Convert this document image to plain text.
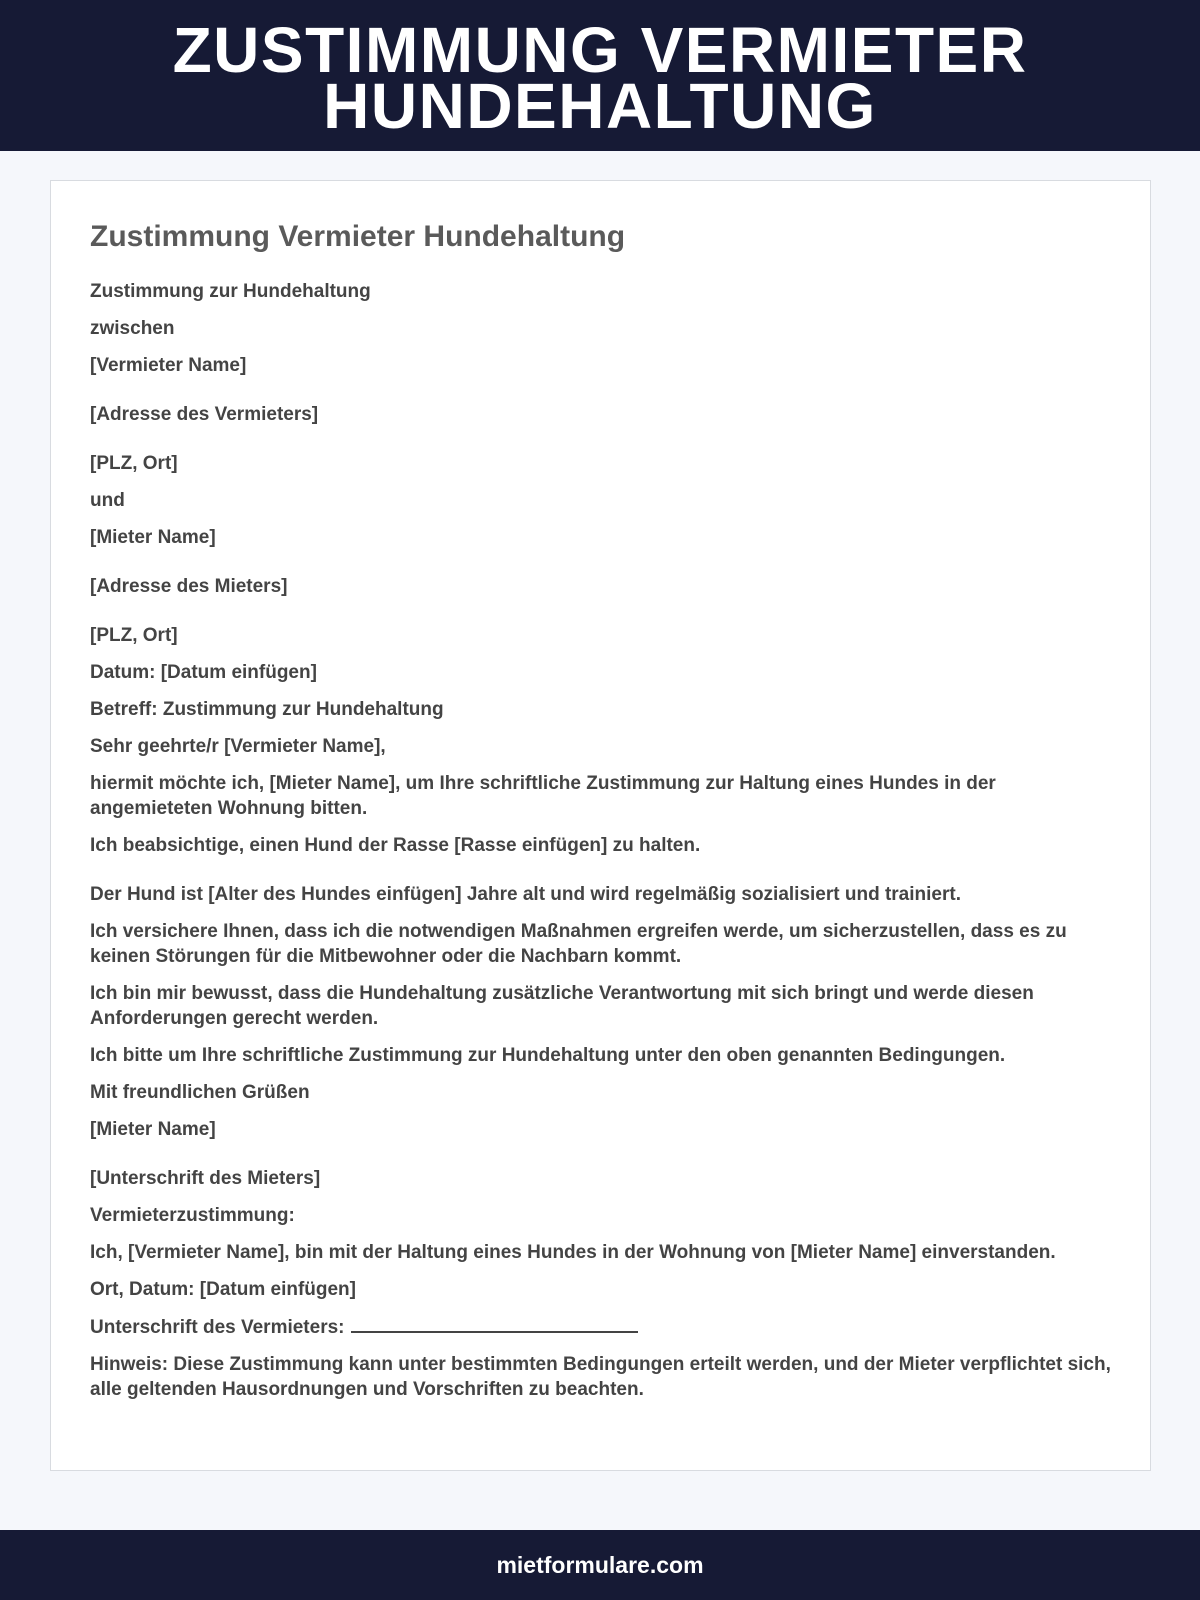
ZUSTIMMUNG VERMIETER
HUNDEHALTUNG
Zustimmung Vermieter Hundehaltung

Zustimmung zur Hundehaltung

zwischen

[Vermieter Name]

[Adresse des Vermieters]

[PLZ, Ort]

und

[Mieter Name]

[Adresse des Mieters]

[PLZ, Ort]

Datum: [Datum einfügen]

Betreff: Zustimmung zur Hundehaltung

Sehr geehrte/r [Vermieter Name],

hiermit möchte ich, [Mieter Name], um Ihre schriftliche Zustimmung zur Haltung eines Hundes in der angemieteten Wohnung bitten.

Ich beabsichtige, einen Hund der Rasse [Rasse einfügen] zu halten.

Der Hund ist [Alter des Hundes einfügen] Jahre alt und wird regelmäßig sozialisiert und trainiert.

Ich versichere Ihnen, dass ich die notwendigen Maßnahmen ergreifen werde, um sicherzustellen, dass es zu keinen Störungen für die Mitbewohner oder die Nachbarn kommt.

Ich bin mir bewusst, dass die Hundehaltung zusätzliche Verantwortung mit sich bringt und werde diesen Anforderungen gerecht werden.

Ich bitte um Ihre schriftliche Zustimmung zur Hundehaltung unter den oben genannten Bedingungen.

Mit freundlichen Grüßen

[Mieter Name]

[Unterschrift des Mieters]

Vermieterzustimmung:

Ich, [Vermieter Name], bin mit der Haltung eines Hundes in der Wohnung von [Mieter Name] einverstanden.

Ort, Datum: [Datum einfügen]

Unterschrift des Vermieters:

Hinweis: Diese Zustimmung kann unter bestimmten Bedingungen erteilt werden, und der Mieter verpflichtet sich, alle geltenden Hausordnungen und Vorschriften zu beachten.

mietformulare.com
